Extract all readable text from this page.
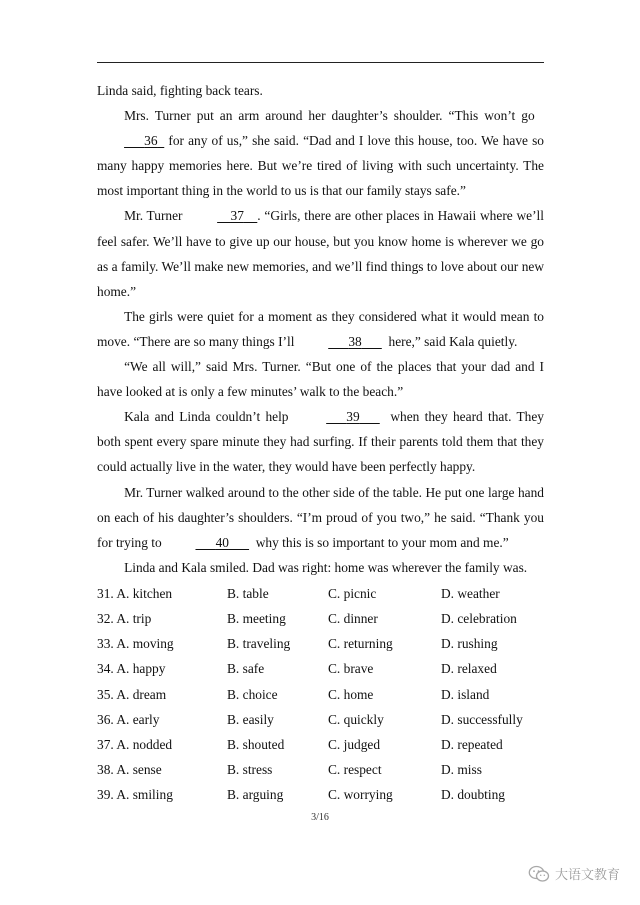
Linda said, fighting back tears.

Mrs. Turner put an arm around her daughter’s shoulder. “This won’t go     36  for any of us,” she said. “Dad and I love this house, too. We have so many happy memories here. But we’re tired of living with such uncertainty. The most important thing in the world to us is that our family stays safe.”

Mr. Turner    	37   . “Girls, there are other places in Hawaii where we’ll feel safer. We’ll have to give up our house, but you know home is wherever we go as a family. We’ll make new memories, and we’ll find things to love about our new home.”

The girls were quiet for a moment as they considered what it would mean to move. “There are so many things I’ll     	38    here,” said Kala quietly.

“We all will,” said Mrs. Turner. “But one of the places that your dad and I have looked at is only a few minutes’ walk to the beach.”

Kala and Linda couldn’t help     	39    when they heard that. They both spent every spare minute they had surfing. If their parents told them that they could actually live in the water, they would have been perfectly happy.

Mr. Turner walked around to the other side of the table. He put one large hand on each of his daughter’s shoulders. “I’m proud of you two,” he said. “Thank you for trying to     	40    why this is so important to your mom and me.”

Linda and Kala smiled. Dad was right: home was wherever the family was.

31. A. kitchen	B. table	C. picnic	D. weather
32. A. trip	B. meeting	C. dinner	D. celebration
33. A. moving	B. traveling	C. returning	D. rushing
34. A. happy	B. safe	C. brave	D. relaxed
35. A. dream	B. choice	C. home	D. island
36. A. early	B. easily	C. quickly	D. successfully
37. A. nodded	B. shouted	C. judged	D. repeated
38. A. sense	B. stress	C. respect	D. miss
39. A. smiling	B. arguing	C. worrying	D. doubting
3/16
大语文教育
